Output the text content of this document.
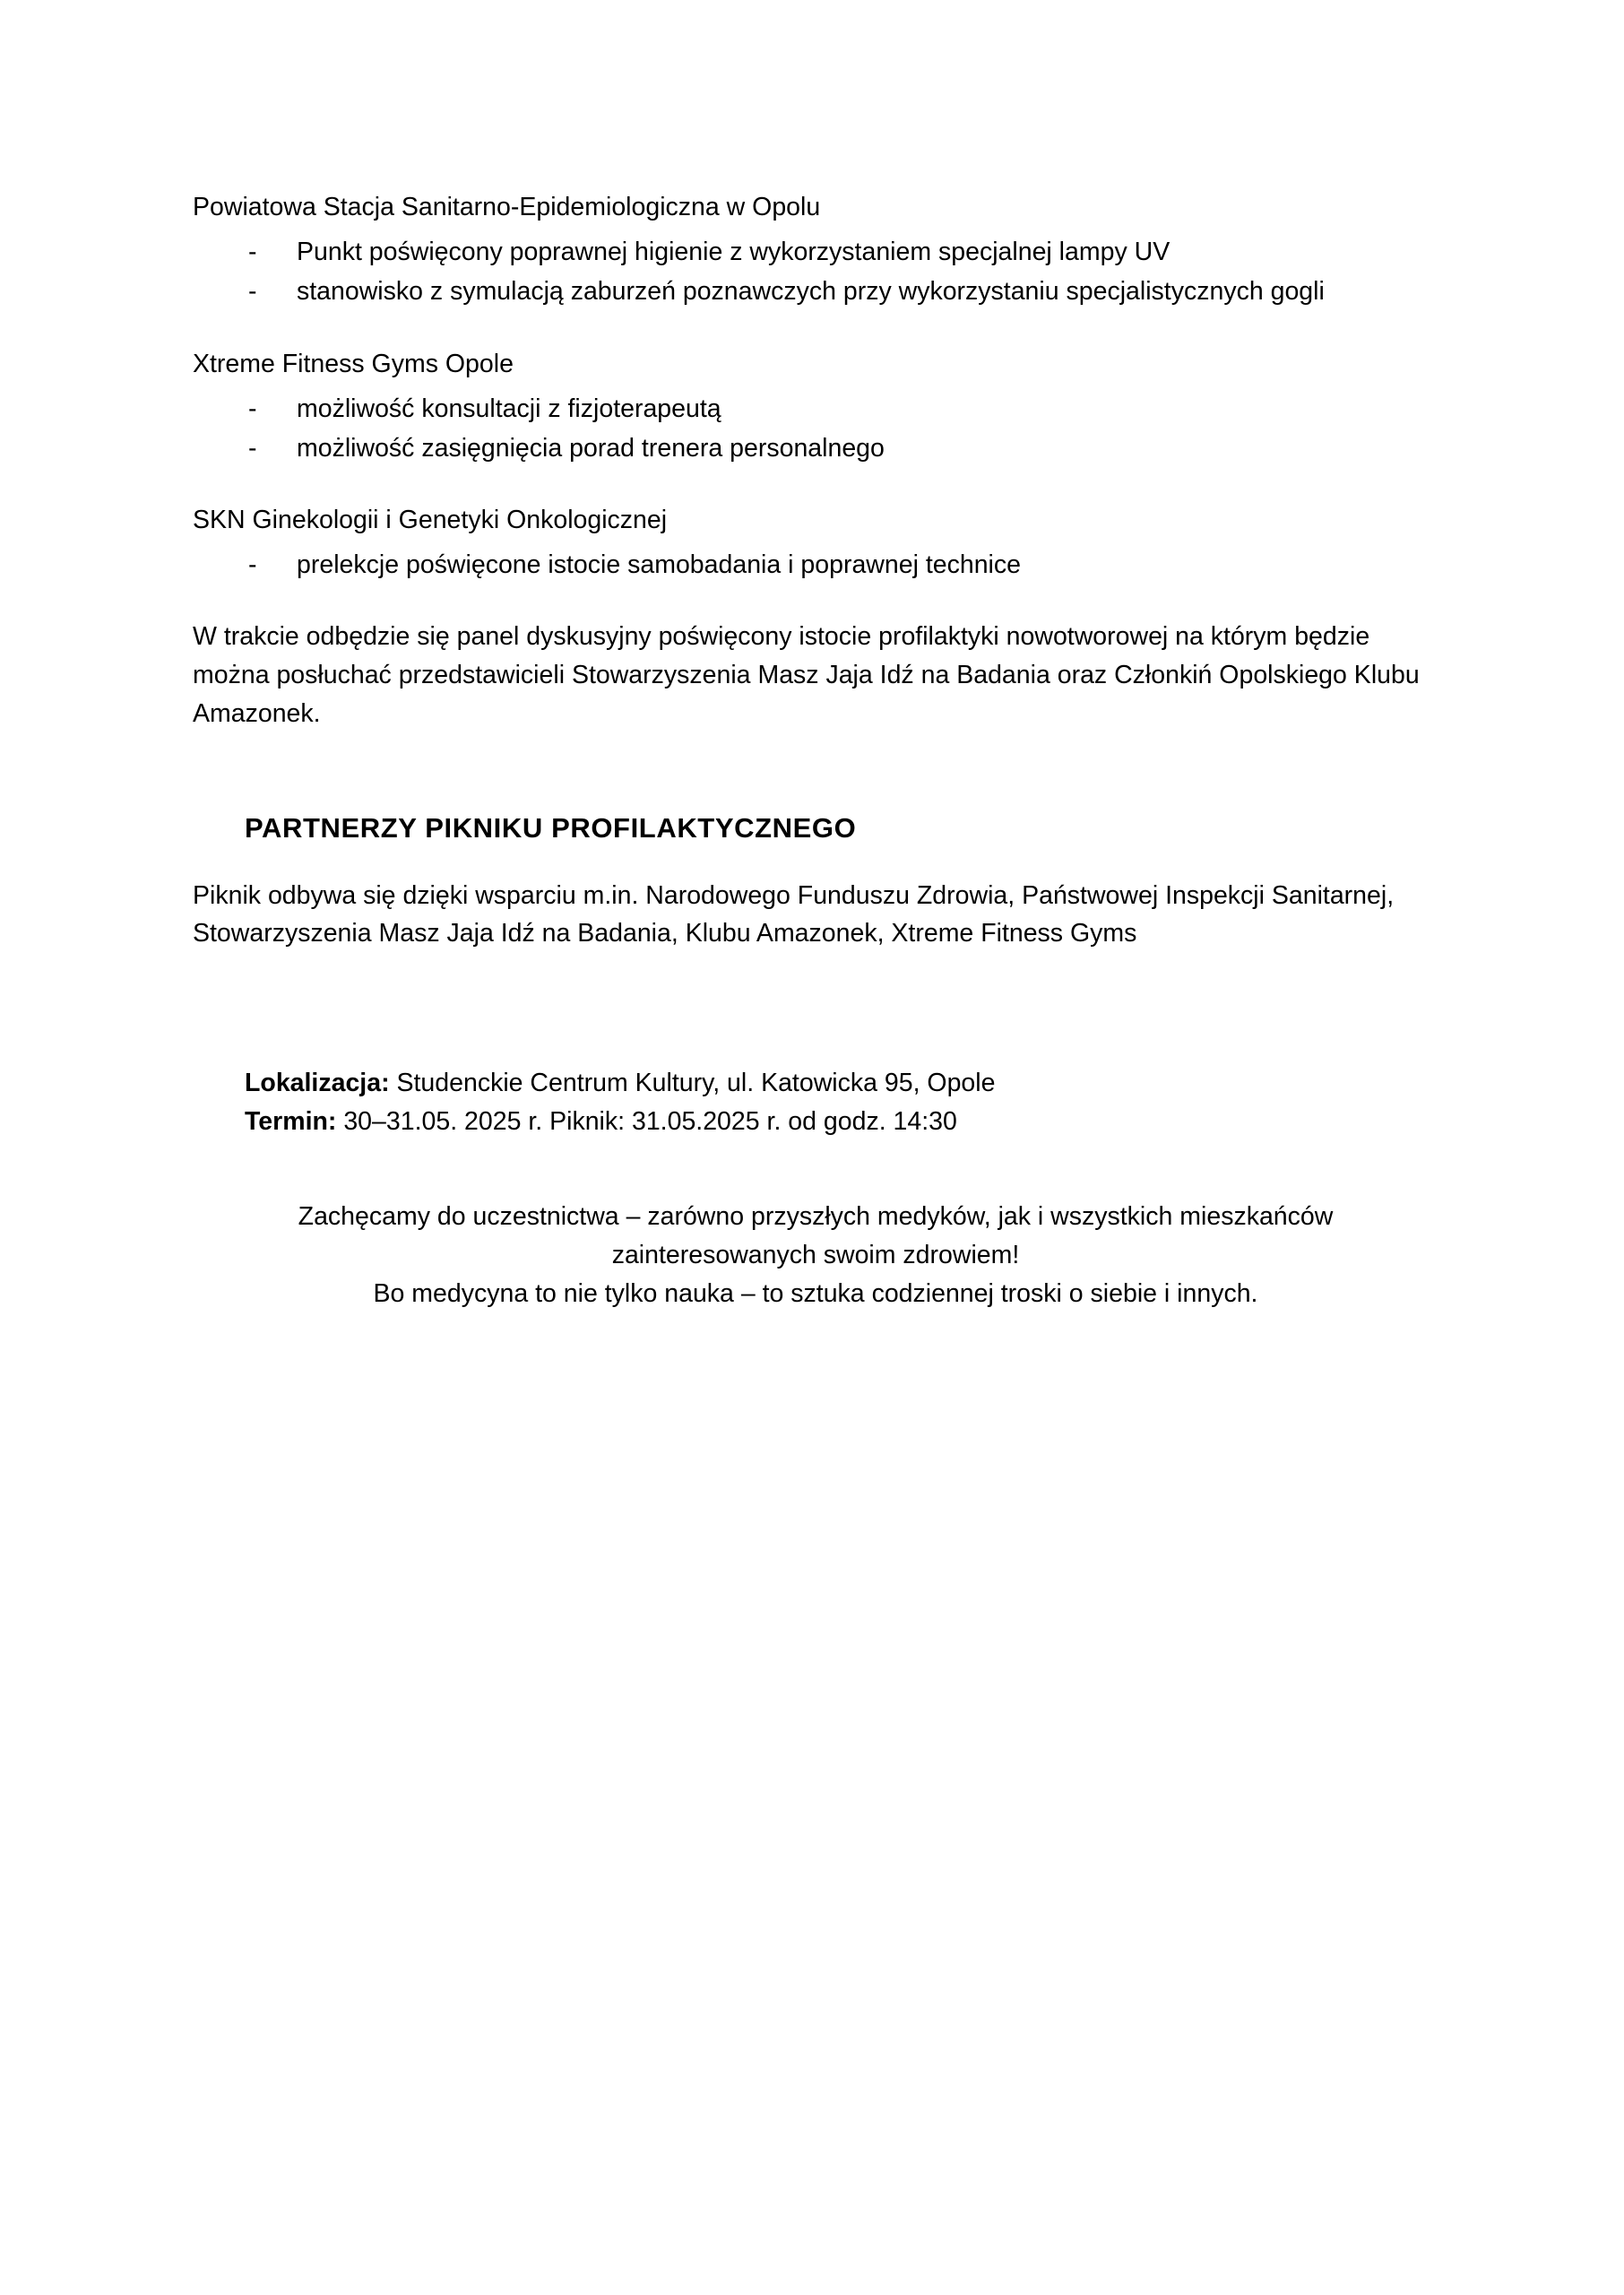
Powiatowa Stacja Sanitarno-Epidemiologiczna w Opolu

- Punkt poświęcony poprawnej higienie z wykorzystaniem specjalnej lampy UV
- stanowisko z symulacją zaburzeń poznawczych przy wykorzystaniu specjalistycznych gogli

Xtreme Fitness Gyms Opole

- możliwość konsultacji z fizjoterapeutą
- możliwość zasięgnięcia porad trenera personalnego

SKN Ginekologii i Genetyki Onkologicznej

- prelekcje poświęcone istocie samobadania i poprawnej technice

W trakcie odbędzie się panel dyskusyjny poświęcony istocie profilaktyki nowotworowej na którym będzie można posłuchać przedstawicieli Stowarzyszenia Masz Jaja Idź na Badania oraz Członkiń Opolskiego Klubu Amazonek.

PARTNERZY PIKNIKU PROFILAKTYCZNEGO

Piknik odbywa się dzięki wsparciu m.in. Narodowego Funduszu Zdrowia, Państwowej Inspekcji Sanitarnej, Stowarzyszenia Masz Jaja Idź na Badania, Klubu Amazonek, Xtreme Fitness Gyms

Lokalizacja: Studenckie Centrum Kultury, ul. Katowicka 95, Opole

Termin: 30–31.05. 2025 r. Piknik: 31.05.2025 r. od godz. 14:30

Zachęcamy do uczestnictwa – zarówno przyszłych medyków, jak i wszystkich mieszkańców

zainteresowanych swoim zdrowiem!

Bo medycyna to nie tylko nauka – to sztuka codziennej troski o siebie i innych.
